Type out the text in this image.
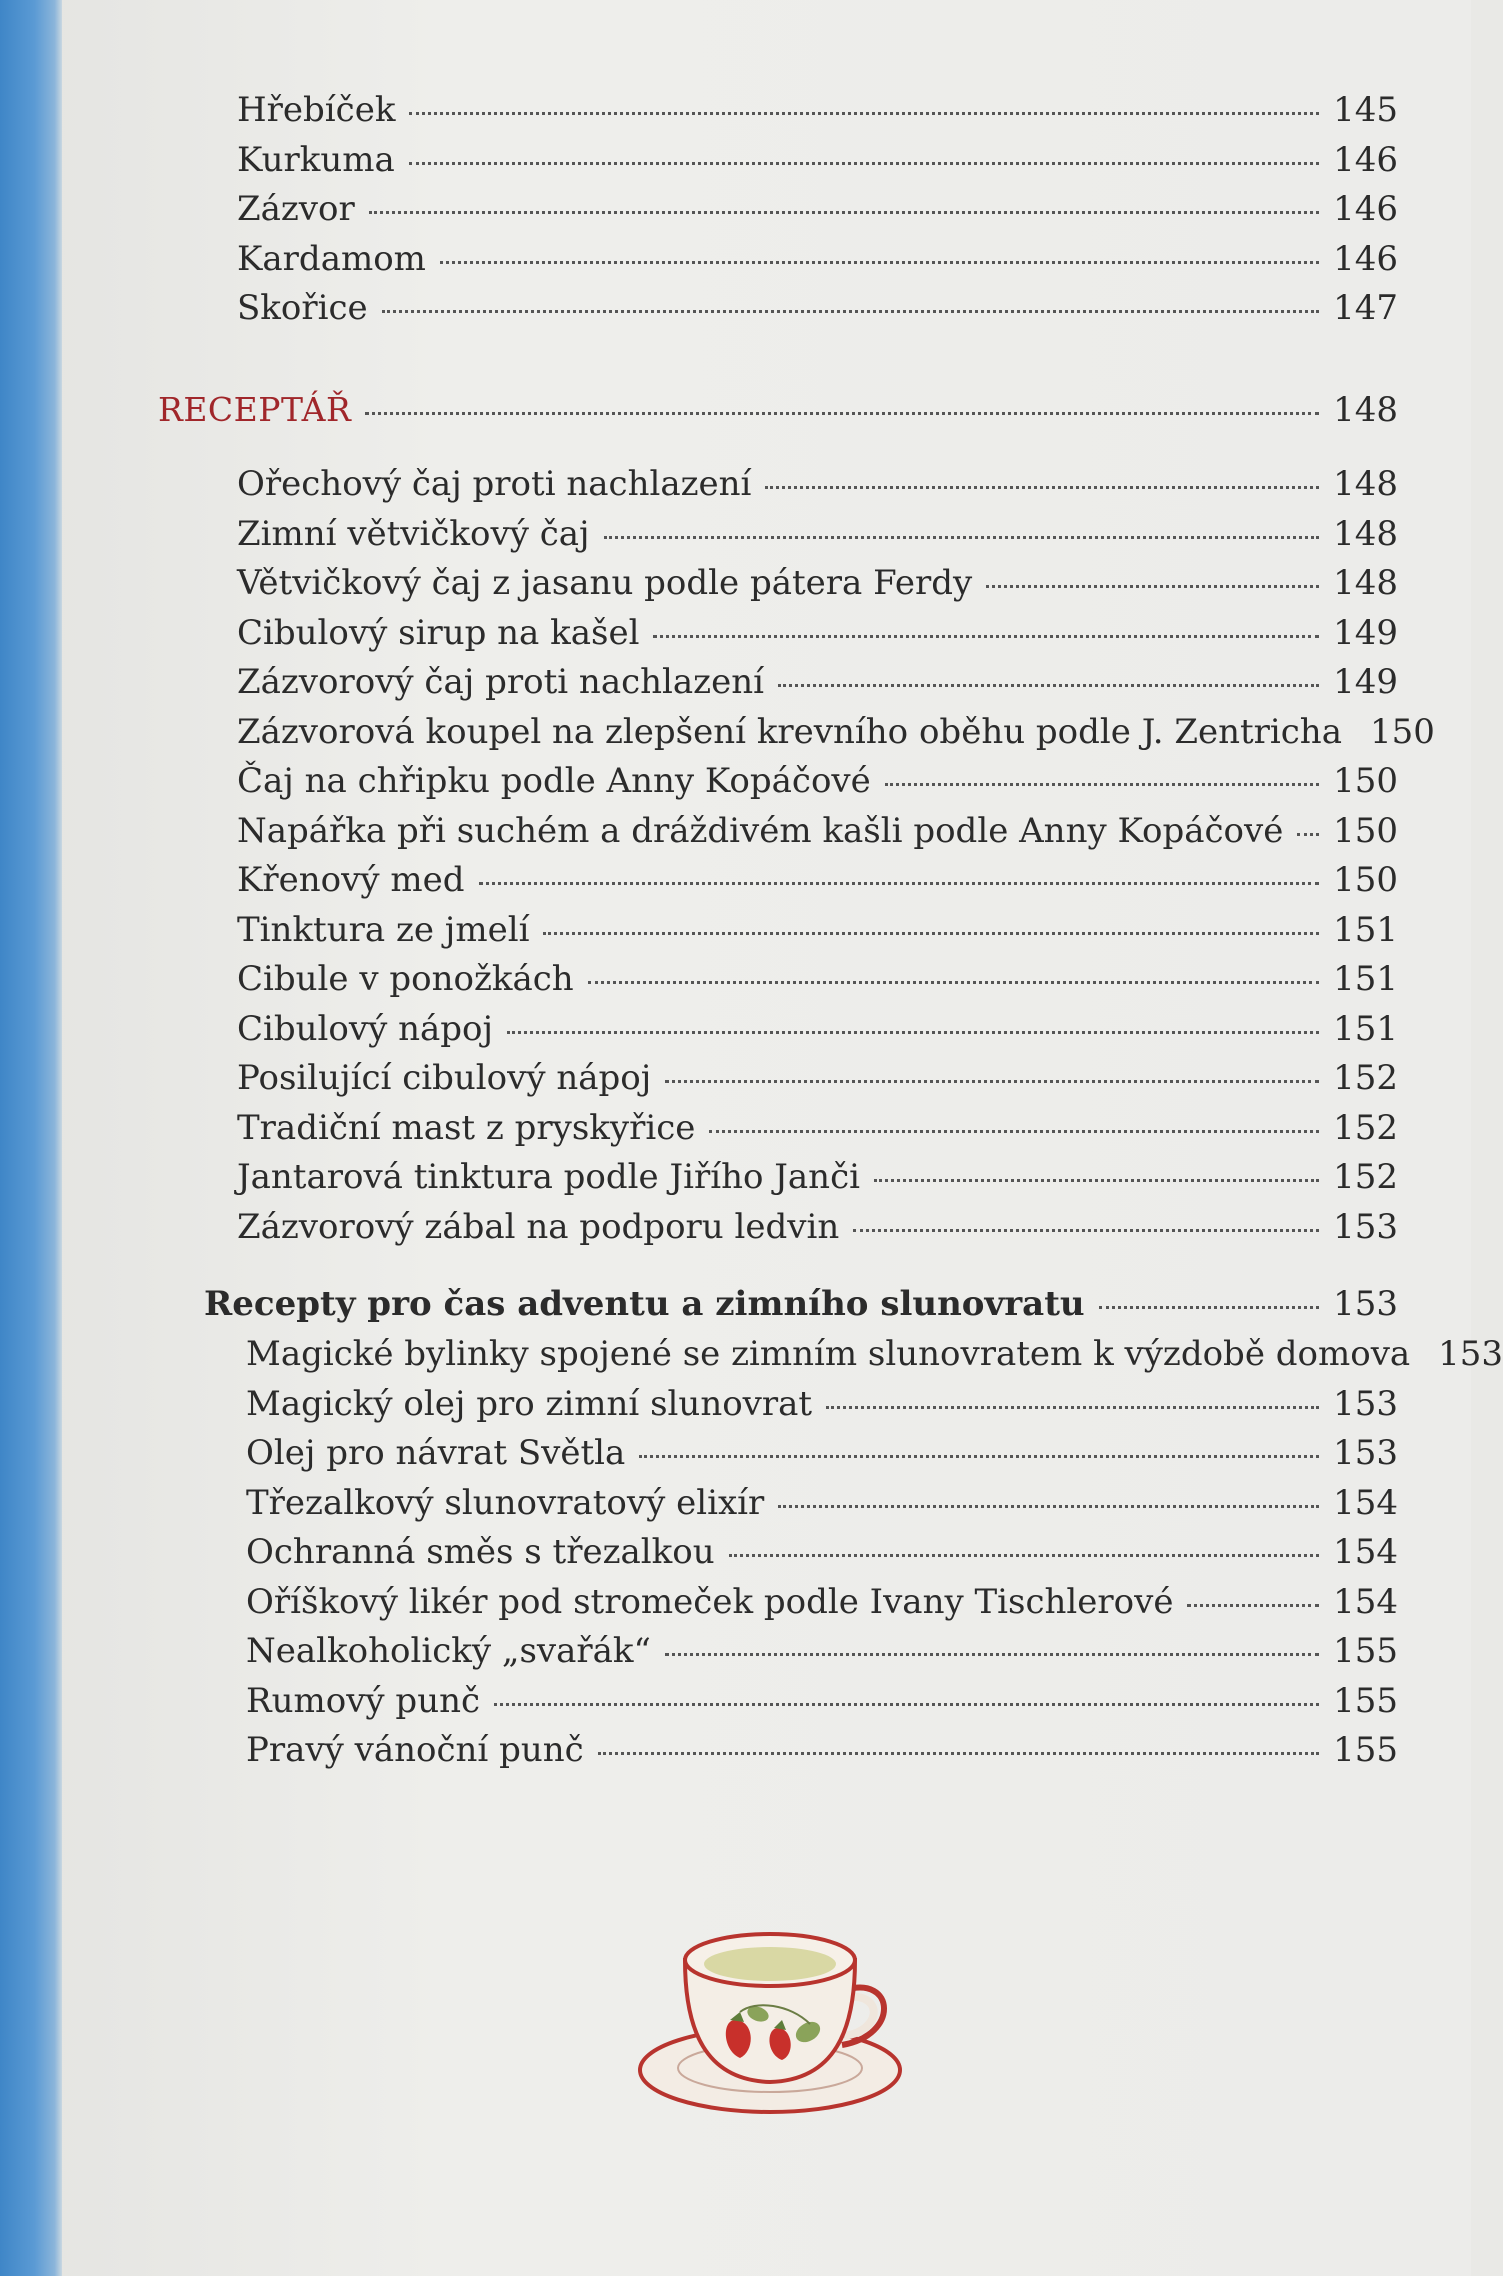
Hřebíček	145
Kurkuma	146
Zázvor	146
Kardamom	146
Skořice	147
RECEPTÁŘ	148
Ořechový čaj proti nachlazení	148
Zimní větvičkový čaj	148
Větvičkový čaj z jasanu podle pátera Ferdy	148
Cibulový sirup na kašel	149
Zázvorový čaj proti nachlazení	149
Zázvorová koupel na zlepšení krevního oběhu podle J. Zentricha 150
Čaj na chřipku podle Anny Kopáčové	150
Napářka při suchém a dráždivém kašli podle Anny Kopáčové 150
Křenový med	150
Tinktura ze jmelí	151
Cibule v ponožkách	151
Cibulový nápoj	151
Posilující cibulový nápoj	152
Tradiční mast z pryskyřice	152
Jantarová tinktura podle Jiřího Janči	152
Zázvorový zábal na podporu ledvin	153
Recepty pro čas adventu a zimního slunovratu	153
Magické bylinky spojené se zimním slunovratem k výzdobě domova 153
Magický olej pro zimní slunovrat	153
Olej pro návrat Světla	153
Třezalkový slunovratový elixír	154
Ochranná směs s třezalkou	154
Oříškový likér pod stromeček podle Ivany Tischlerové	154
Nealkoholický „svařák“	155
Rumový punč	155
Pravý vánoční punč	155
